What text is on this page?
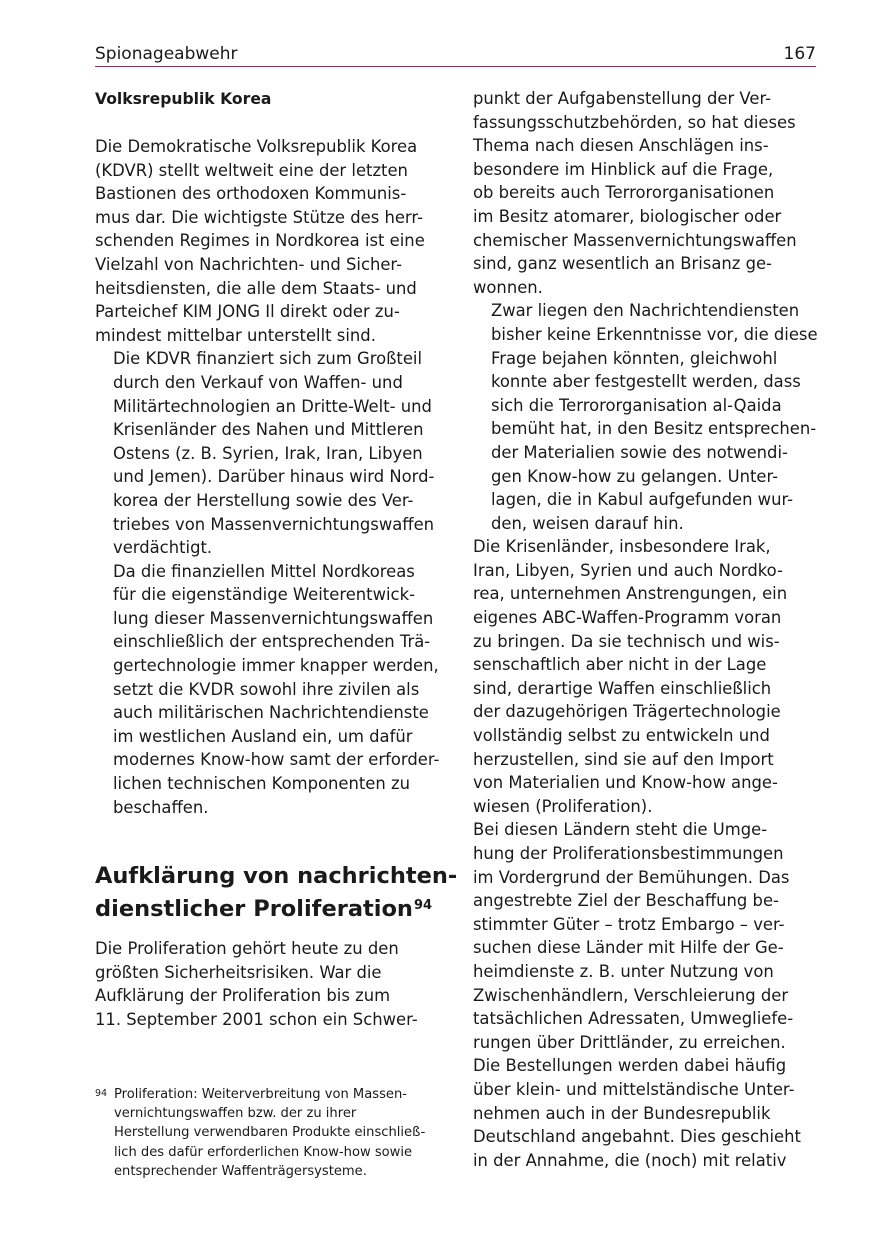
Spionageabwehr	167
Volksrepublik Korea

Die Demokratische Volksrepublik Korea
(KDVR) stellt weltweit eine der letzten
Bastionen des orthodoxen Kommunis-
mus dar. Die wichtigste Stütze des herr-
schenden Regimes in Nordkorea ist eine
Vielzahl von Nachrichten- und Sicher-
heitsdiensten, die alle dem Staats- und
Parteichef KIM JONG Il direkt oder zu-
mindest mittelbar unterstellt sind.

Die KDVR finanziert sich zum Großteil
durch den Verkauf von Waffen- und
Militärtechnologien an Dritte-Welt- und
Krisenländer des Nahen und Mittleren
Ostens (z. B. Syrien, Irak, Iran, Libyen
und Jemen). Darüber hinaus wird Nord-
korea der Herstellung sowie des Ver-
triebes von Massenvernichtungswaffen
verdächtigt.

Da die finanziellen Mittel Nordkoreas
für die eigenständige Weiterentwick-
lung dieser Massenvernichtungswaffen
einschließlich der entsprechenden Trä-
gertechnologie immer knapper werden,
setzt die KVDR sowohl ihre zivilen als
auch militärischen Nachrichtendienste
im westlichen Ausland ein, um dafür
modernes Know-how samt der erforder-
lichen technischen Komponenten zu
beschaffen.

Aufklärung von nachrichten-
dienstlicher Proliferation$^{94}$

Die Proliferation gehört heute zu den
größten Sicherheitsrisiken. War die
Aufklärung der Proliferation bis zum
11. September 2001 schon ein Schwer-

94 Proliferation: Weiterverbreitung von Massen-
vernichtungswaffen bzw. der zu ihrer
Herstellung verwendbaren Produkte einschließ-
lich des dafür erforderlichen Know-how sowie
entsprechender Waffenträgersysteme.

punkt der Aufgabenstellung der Ver-
fassungsschutzbehörden, so hat dieses
Thema nach diesen Anschlägen ins-
besondere im Hinblick auf die Frage,
ob bereits auch Terrororganisationen
im Besitz atomarer, biologischer oder
chemischer Massenvernichtungswaffen
sind, ganz wesentlich an Brisanz ge-
wonnen.

Zwar liegen den Nachrichtendiensten
bisher keine Erkenntnisse vor, die diese
Frage bejahen könnten, gleichwohl
konnte aber festgestellt werden, dass
sich die Terrororganisation al-Qaida
bemüht hat, in den Besitz entsprechen-
der Materialien sowie des notwendi-
gen Know-how zu gelangen. Unter-
lagen, die in Kabul aufgefunden wur-
den, weisen darauf hin.

Die Krisenländer, insbesondere Irak,
Iran, Libyen, Syrien und auch Nordko-
rea, unternehmen Anstrengungen, ein
eigenes ABC-Waffen-Programm voran
zu bringen. Da sie technisch und wis-
senschaftlich aber nicht in der Lage
sind, derartige Waffen einschließlich
der dazugehörigen Trägertechnologie
vollständig selbst zu entwickeln und
herzustellen, sind sie auf den Import
von Materialien und Know-how ange-
wiesen (Proliferation).

Bei diesen Ländern steht die Umge-
hung der Proliferationsbestimmungen
im Vordergrund der Bemühungen. Das
angestrebte Ziel der Beschaffung be-
stimmter Güter – trotz Embargo – ver-
suchen diese Länder mit Hilfe der Ge-
heimdienste z. B. unter Nutzung von
Zwischenhändlern, Verschleierung der
tatsächlichen Adressaten, Umwegliefe-
rungen über Drittländer, zu erreichen.
Die Bestellungen werden dabei häufig
über klein- und mittelständische Unter-
nehmen auch in der Bundesrepublik
Deutschland angebahnt. Dies geschieht
in der Annahme, die (noch) mit relativ
